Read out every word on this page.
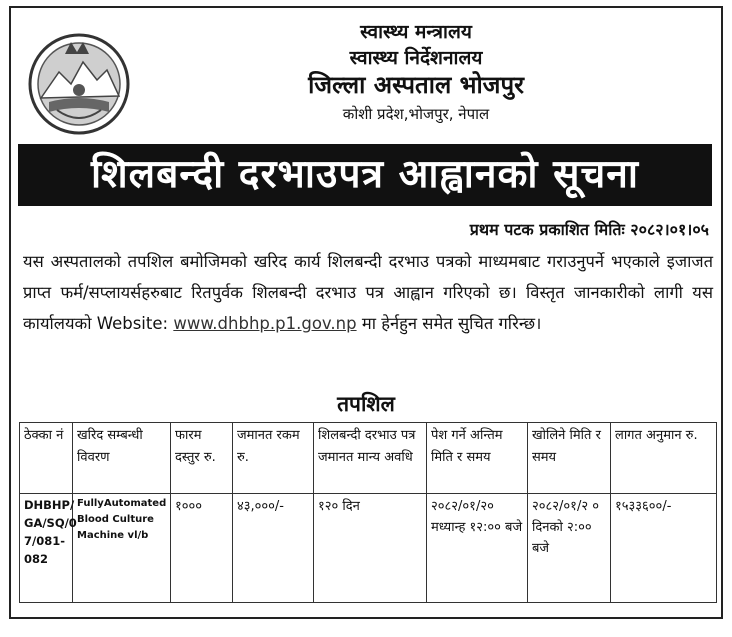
स्वास्थ्य मन्त्रालय
स्वास्थ्य निर्देशनालय
जिल्ला अस्पताल भोजपुर
कोशी प्रदेश,भोजपुर, नेपाल
शिलबन्दी दरभाउपत्र आह्वानको सूचना
प्रथम पटक प्रकाशित मितिः २०८२।०१।०५
यस अस्पतालको तपशिल बमोजिमको खरिद कार्य शिलबन्दी दरभाउ पत्रको माध्यमबाट गराउनुपर्ने भएकाले इजाजत प्राप्त फर्म/सप्लायर्सहरुबाट रितपुर्वक शिलबन्दी दरभाउ पत्र आह्वान गरिएको छ। विस्तृत जानकारीको लागी यस कार्यालयको Website: www.dhbhp.p1.gov.np मा हेर्नहुन समेत सुचित गरिन्छ।
तपशिल
ठेक्का नं	खरिद सम्बन्धी विवरण	फारम दस्तुर रु.	जमानत रकम रु.	शिलबन्दी दरभाउ पत्र जमानत मान्य अवधि	पेश गर्ने अन्तिम मिति र समय	खोलिने मिति र समय	लागत अनुमान रु.
DHBHP/ GA/SQ/0 7/081- 082	FullyAutomated Blood Culture Machine vl/b	१०००	४३,०००/-	१२० दिन	२०८२/०१/२० मध्यान्ह १२:०० बजे	२०८२/०१/२ ० दिनको २:०० बजे	१५३३६००/-
